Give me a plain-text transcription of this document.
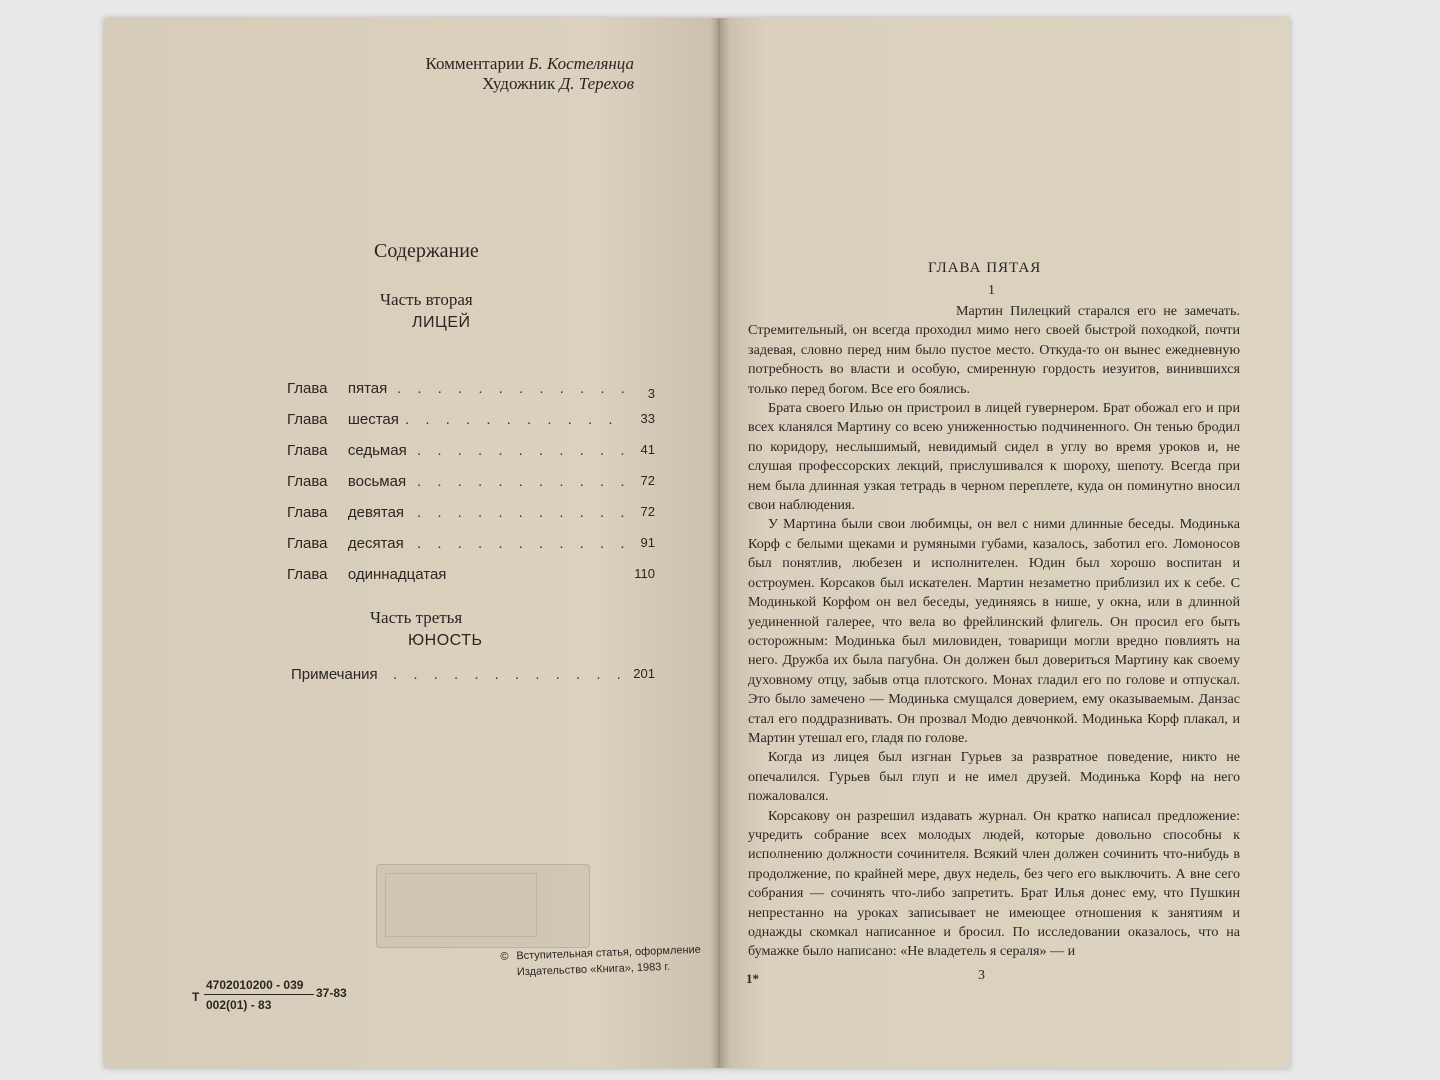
Комментарии Б. Костелянца
Художник Д. Терехов
Содержание
Часть вторая
ЛИЦЕЙ
Глава  пятая . . . . . . . . . . . . 3
Глава  шестая . . . . . . . . . . . 33
Глава  седьмая . . . . . . . . . . . 41
Глава  восьмая . . . . . . . . . . . 72
Глава  девятая . . . . . . . . . . . 72
Глава  десятая . . . . . . . . . . . 91
Глава  одиннадцатая	110
Часть третья
ЮНОСТЬ
Примечания . . . . . . . . . . . . 201
Т
4702010200 - 039
002(01) - 83
37-83
© Вступительная статья, оформление
Издательство «Книга», 1983 г.
ГЛАВА ПЯТАЯ
1

Мартин Пилецкий старался его не замечать. Стремительный, он всегда проходил мимо него своей быстрой походкой, почти задевая, словно перед ним было пустое место. Откуда-то он вынес ежедневную потребность во власти и особую, смиренную гордость иезуитов, винившихся только перед богом. Все его боялись.

Брата своего Илью он пристроил в лицей гувернером. Брат обожал его и при всех кланялся Мартину со всею униженностью подчиненного. Он тенью бродил по коридору, неслышимый, невидимый сидел в углу во время уроков и, не слушая профессорских лекций, прислушивался к шороху, шепоту. Всегда при нем была длинная узкая тетрадь в черном переплете, куда он поминутно вносил свои наблюдения.

У Мартина были свои любимцы, он вел с ними длинные беседы. Модинька Корф с белыми щеками и румяными губами, казалось, заботил его. Ломоносов был понятлив, любезен и исполнителен. Юдин был хорошо воспитан и остроумен. Корсаков был искателен. Мартин незаметно приблизил их к себе. С Модинькой Корфом он вел беседы, уединяясь в нише, у окна, или в длинной уединенной галерее, что вела во фрейлинский флигель. Он просил его быть осторожным: Модинька был миловиден, товарищи могли вредно повлиять на него. Дружба их была пагубна. Он должен был довериться Мартину как своему духовному отцу, забыв отца плотского. Монах гладил его по голове и отпускал. Это было замечено — Модинька смущался доверием, ему оказываемым. Данзас стал его поддразнивать. Он прозвал Модю девчонкой. Модинька Корф плакал, и Мартин утешал его, гладя по голове.

Когда из лицея был изгнан Гурьев за развратное поведение, никто не опечалился. Гурьев был глуп и не имел друзей. Модинька Корф на него пожаловался.

Корсакову он разрешил издавать журнал. Он кратко написал предложение: учредить собрание всех молодых людей, которые довольно способны к исполнению должности сочинителя. Всякий член должен сочинить что-нибудь в продолжение, по крайней мере, двух недель, без чего его выключить. А вне сего собрания — сочинять что-либо запретить. Брат Илья донес ему, что Пушкин непрестанно на уроках записывает не имеющее отношения к занятиям и однажды скомкал написанное и бросил. По исследовании оказалось, что на бумажке было написано: «Не владетель я сераля» — и

1*	3
